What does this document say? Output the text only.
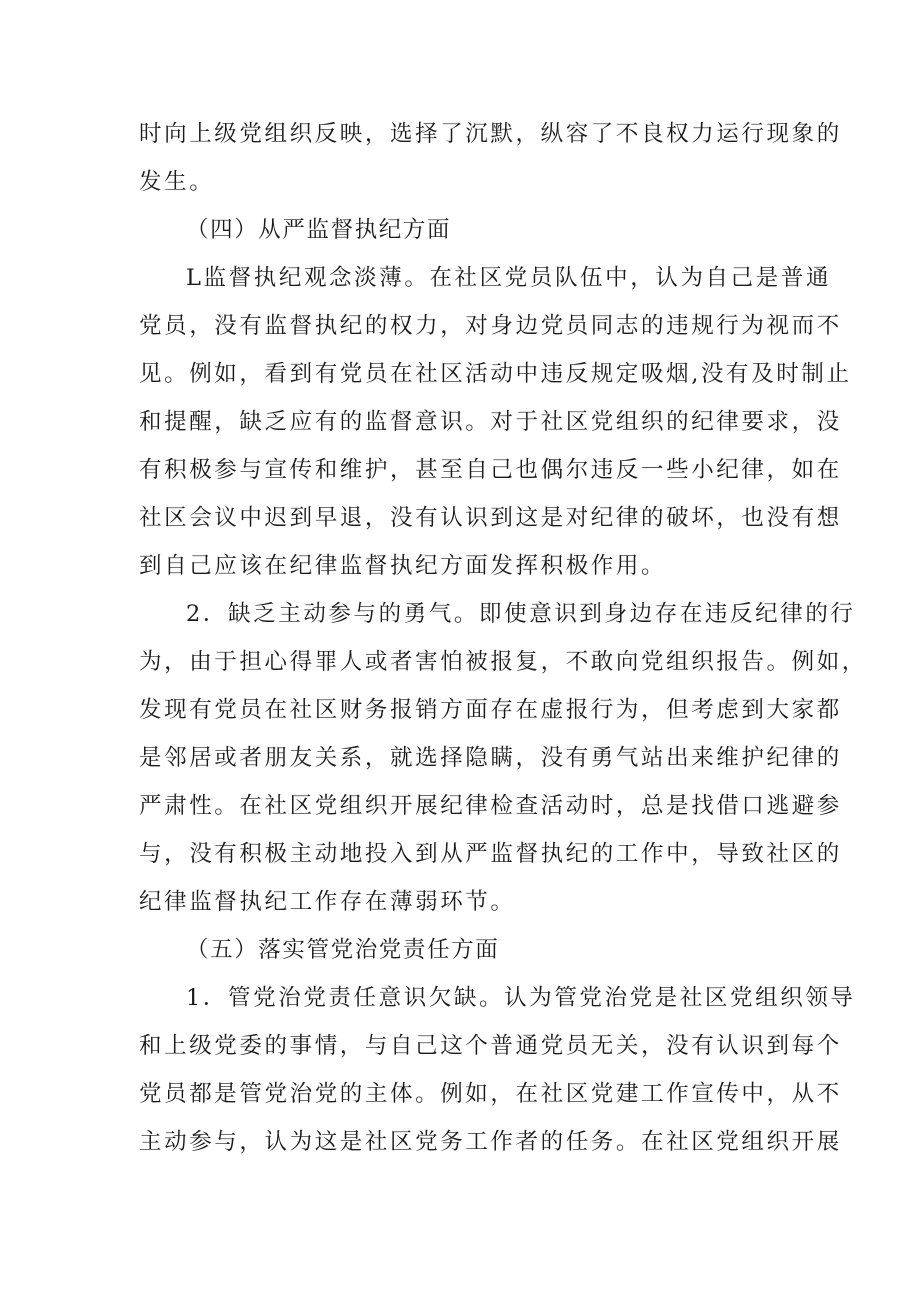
时向上级党组织反映，选择了沉默，纵容了不良权力运行现象的
发生。
（四）从严监督执纪方面
L监督执纪观念淡薄。在社区党员队伍中，认为自己是普通
党员，没有监督执纪的权力，对身边党员同志的违规行为视而不
见。例如，看到有党员在社区活动中违反规定吸烟,没有及时制止
和提醒，缺乏应有的监督意识。对于社区党组织的纪律要求，没
有积极参与宣传和维护，甚至自己也偶尔违反一些小纪律，如在
社区会议中迟到早退，没有认识到这是对纪律的破坏，也没有想
到自己应该在纪律监督执纪方面发挥积极作用。
2．缺乏主动参与的勇气。即使意识到身边存在违反纪律的行
为，由于担心得罪人或者害怕被报复，不敢向党组织报告。例如，
发现有党员在社区财务报销方面存在虚报行为，但考虑到大家都
是邻居或者朋友关系，就选择隐瞒，没有勇气站出来维护纪律的
严肃性。在社区党组织开展纪律检查活动时，总是找借口逃避参
与，没有积极主动地投入到从严监督执纪的工作中，导致社区的
纪律监督执纪工作存在薄弱环节。
（五）落实管党治党责任方面
1．管党治党责任意识欠缺。认为管党治党是社区党组织领导
和上级党委的事情，与自己这个普通党员无关，没有认识到每个
党员都是管党治党的主体。例如，在社区党建工作宣传中，从不
主动参与，认为这是社区党务工作者的任务。在社区党组织开展
